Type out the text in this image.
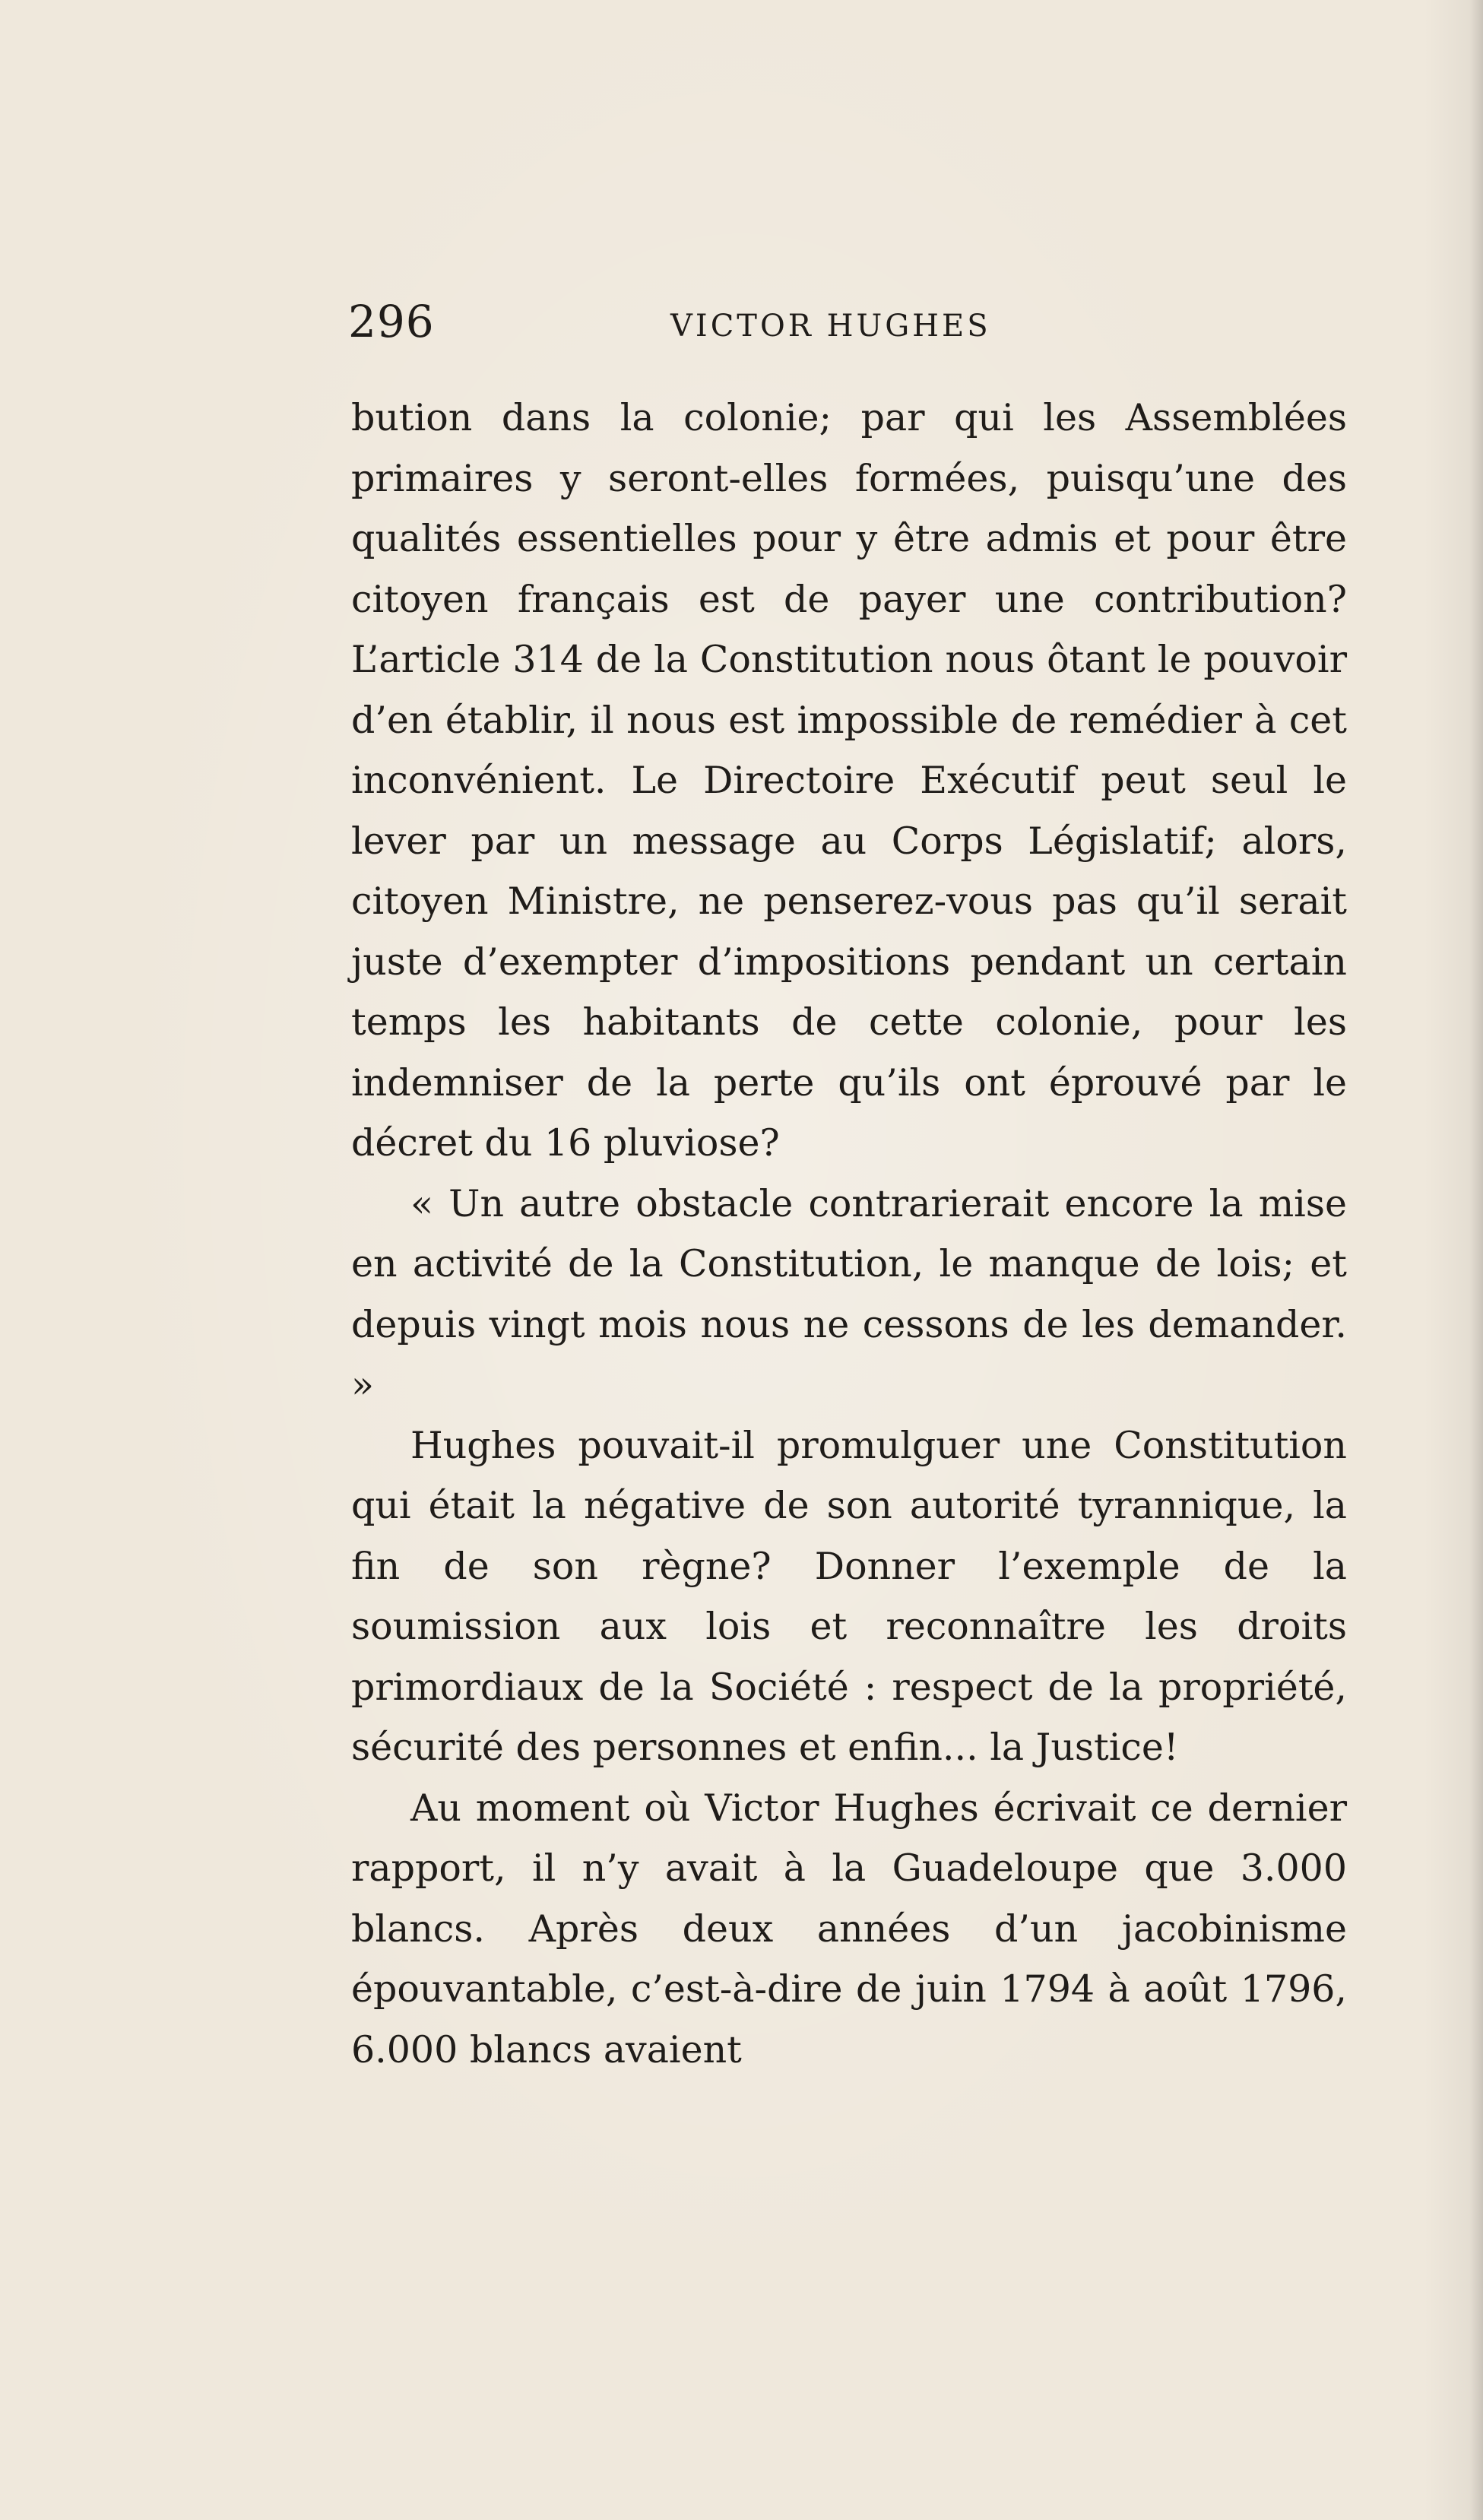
296	VICTOR HUGHES

bution dans la colonie; par qui les Assemblées primaires y seront-elles formées, puisqu’une des qualités essentielles pour y être admis et pour être citoyen français est de payer une contribution? L’article 314 de la Constitution nous ôtant le pouvoir d’en établir, il nous est impossible de remédier à cet inconvénient. Le Directoire Exécutif peut seul le lever par un message au Corps Législatif; alors, citoyen Ministre, ne penserez-vous pas qu’il serait juste d’exempter d’impositions pendant un certain temps les habitants de cette colonie, pour les indemniser de la perte qu’ils ont éprouvé par le décret du 16 pluviose?

« Un autre obstacle contrarierait encore la mise en activité de la Constitution, le manque de lois; et depuis vingt mois nous ne cessons de les demander. »

Hughes pouvait-il promulguer une Constitution qui était la négative de son autorité tyrannique, la fin de son règne? Donner l’exemple de la soumission aux lois et reconnaître les droits primordiaux de la Société : respect de la propriété, sécurité des personnes et enfin... la Justice!

Au moment où Victor Hughes écrivait ce dernier rapport, il n’y avait à la Guadeloupe que 3.000 blancs. Après deux années d’un jacobinisme épouvantable, c’est-à-dire de juin 1794 à août 1796, 6.000 blancs avaient
